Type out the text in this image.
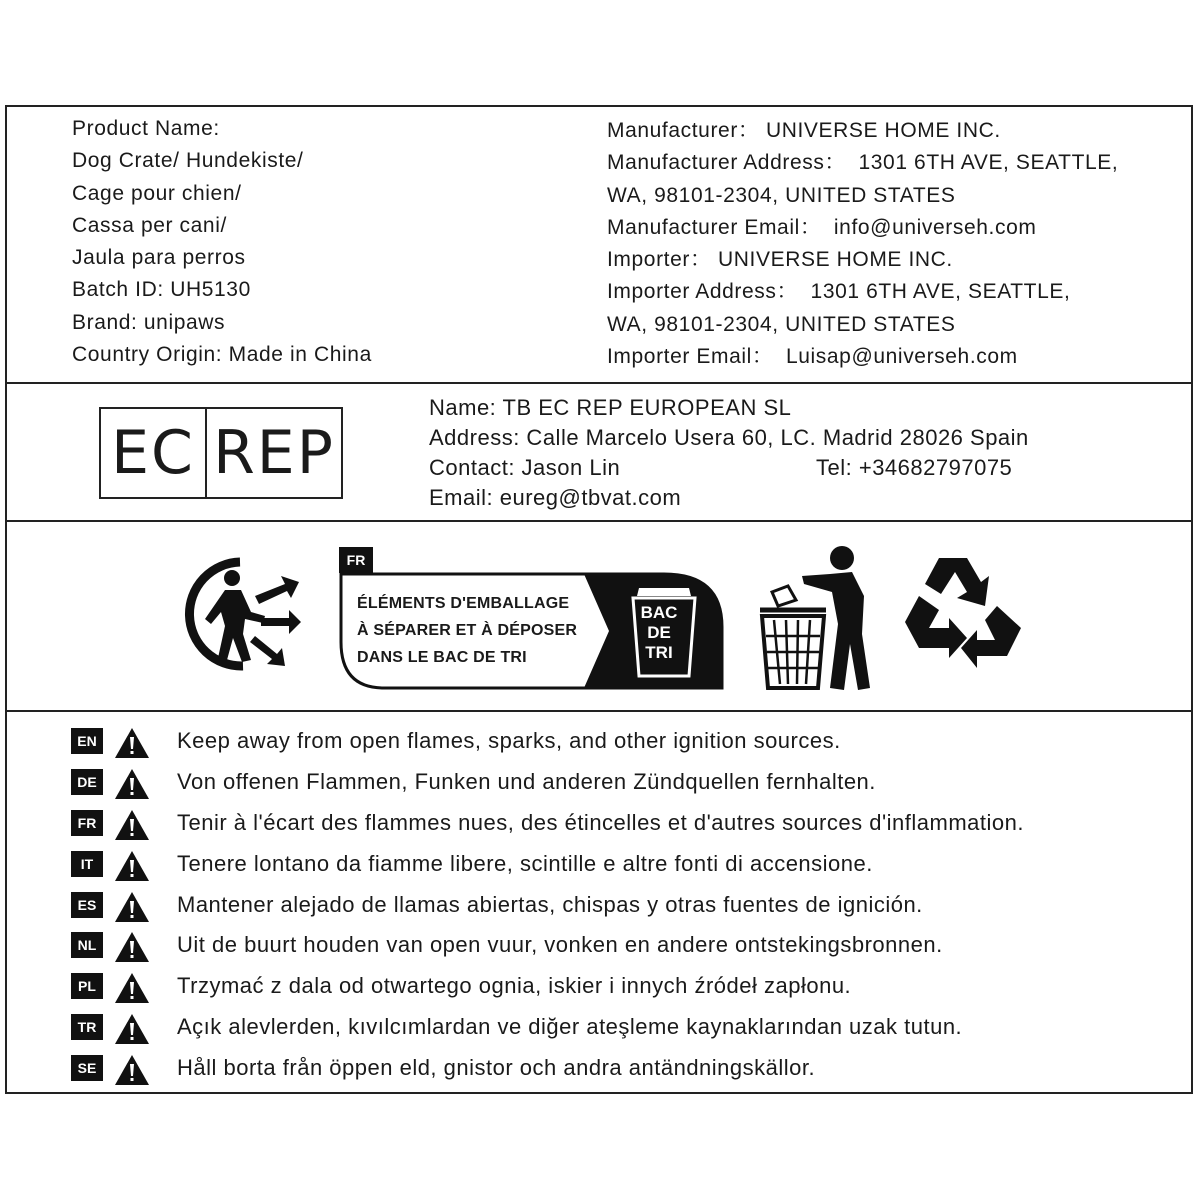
Product Name:
Dog Crate/ Hundekiste/
Cage pour chien/
Cassa per cani/
Jaula para perros
Batch ID: UH5130
Brand: unipaws
Country Origin: Made in China
Manufacturer： UNIVERSE HOME INC.
Manufacturer Address： 1301 6TH AVE, SEATTLE,
WA, 98101-2304, UNITED STATES
Manufacturer Email： info@universeh.com
Importer： UNIVERSE HOME INC.
Importer Address： 1301 6TH AVE, SEATTLE,
WA, 98101-2304, UNITED STATES
Importer Email： Luisap@universeh.com
EC REP
Name: TB EC REP EUROPEAN SL
Address: Calle Marcelo Usera 60, LC. Madrid 28026 Spain
Contact: Jason Lin	Tel: +34682797075
Email: eureg@tbvat.com
FR
ÉLÉMENTS D'EMBALLAGE
À SÉPARER ET À DÉPOSER
DANS LE BAC DE TRI
BAC
DE
TRI
EN	Keep away from open flames, sparks, and other ignition sources.
DE	Von offenen Flammen, Funken und anderen Zündquellen fernhalten.
FR	Tenir à l'écart des flammes nues, des étincelles et d'autres sources d'inflammation.
IT	Tenere lontano da fiamme libere, scintille e altre fonti di accensione.
ES	Mantener alejado de llamas abiertas, chispas y otras fuentes de ignición.
NL	Uit de buurt houden van open vuur, vonken en andere ontstekingsbronnen.
PL	Trzymać z dala od otwartego ognia, iskier i innych źródeł zapłonu.
TR	Açık alevlerden, kıvılcımlardan ve diğer ateşleme kaynaklarından uzak tutun.
SE	Håll borta från öppen eld, gnistor och andra antändningskällor.
